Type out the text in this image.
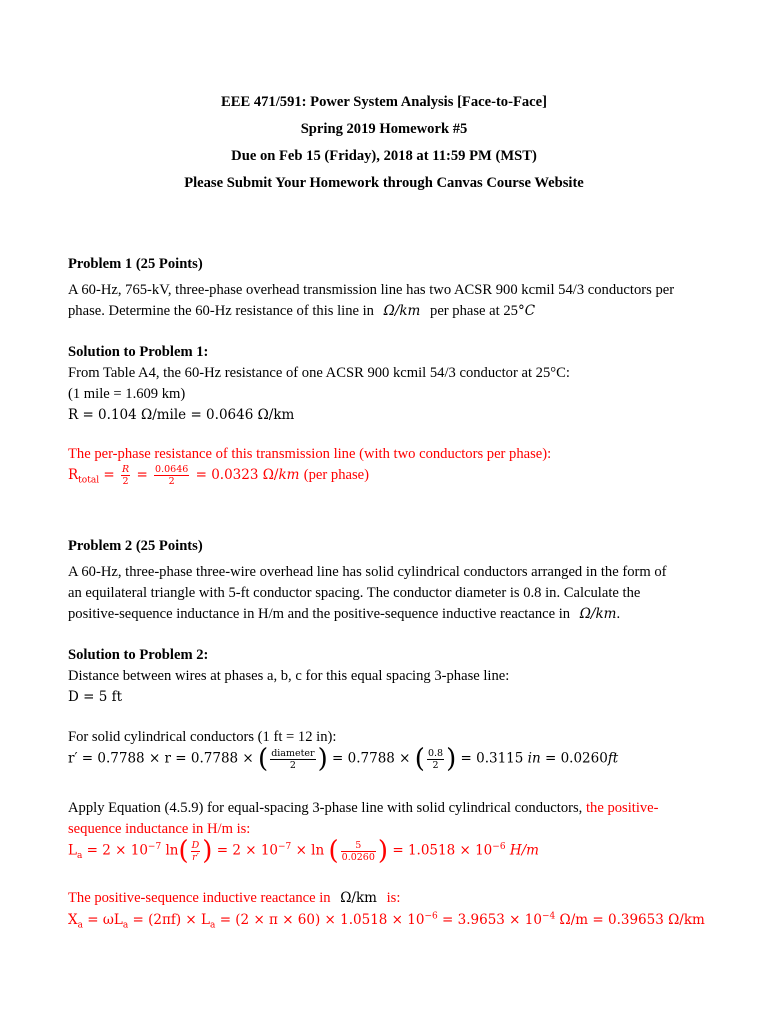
EEE 471/591: Power System Analysis [Face-to-Face]
Spring 2019 Homework #5
Due on Feb 15 (Friday), 2018 at 11:59 PM (MST)
Please Submit Your Homework through Canvas Course Website
Problem 1 (25 Points)
A 60-Hz, 765-kV, three-phase overhead transmission line has two ACSR 900 kcmil 54/3 conductors per
phase. Determine the 60-Hz resistance of this line in Ω/km per phase at 25°C
Solution to Problem 1:
From Table A4, the 60-Hz resistance of one ACSR 900 kcmil 54/3 conductor at 25°C:
(1 mile = 1.609 km)
R = 0.104 Ω/mile = 0.0646 Ω/km
The per-phase resistance of this transmission line (with two conductors per phase):
$R_{total} = \frac{R}{2} = \frac{0.0646}{2} = 0.0323$ Ω/km (per phase)
Problem 2 (25 Points)
A 60-Hz, three-phase three-wire overhead line has solid cylindrical conductors arranged in the form of
an equilateral triangle with 5-ft conductor spacing. The conductor diameter is 0.8 in. Calculate the
positive-sequence inductance in H/m and the positive-sequence inductive reactance in Ω/km.
Solution to Problem 2:
Distance between wires at phases a, b, c for this equal spacing 3-phase line:
D = 5 ft
For solid cylindrical conductors (1 ft = 12 in):
r′ = 0.7788 × r = 0.7788 × ( $\frac{\text{diameter}}{2}$ ) = 0.7788 × ( $\frac{0.8}{2}$ ) = 0.3115 in = 0.0260ft
Apply Equation (4.5.9) for equal-spacing 3-phase line with solid cylindrical conductors, the positive-
sequence inductance in H/m is:
$L_a = 2 \times 10^{-7}$ $\ln( \frac{D}{r'}$ ) = $2 \times 10^{-7} \times \ln$ ( $\frac{5}{0.0260}$ ) = $1.0518 \times 10^{-6}$ H/m
The positive-sequence inductive reactance in Ω/km is:
$X_a = \omega L_a = (2\pi f) \times L_a = (2 \times \pi \times 60) \times 1.0518 \times 10^{-6} = 3.9653 \times 10^{-4}$ Ω/m = 0.39653 Ω/km
